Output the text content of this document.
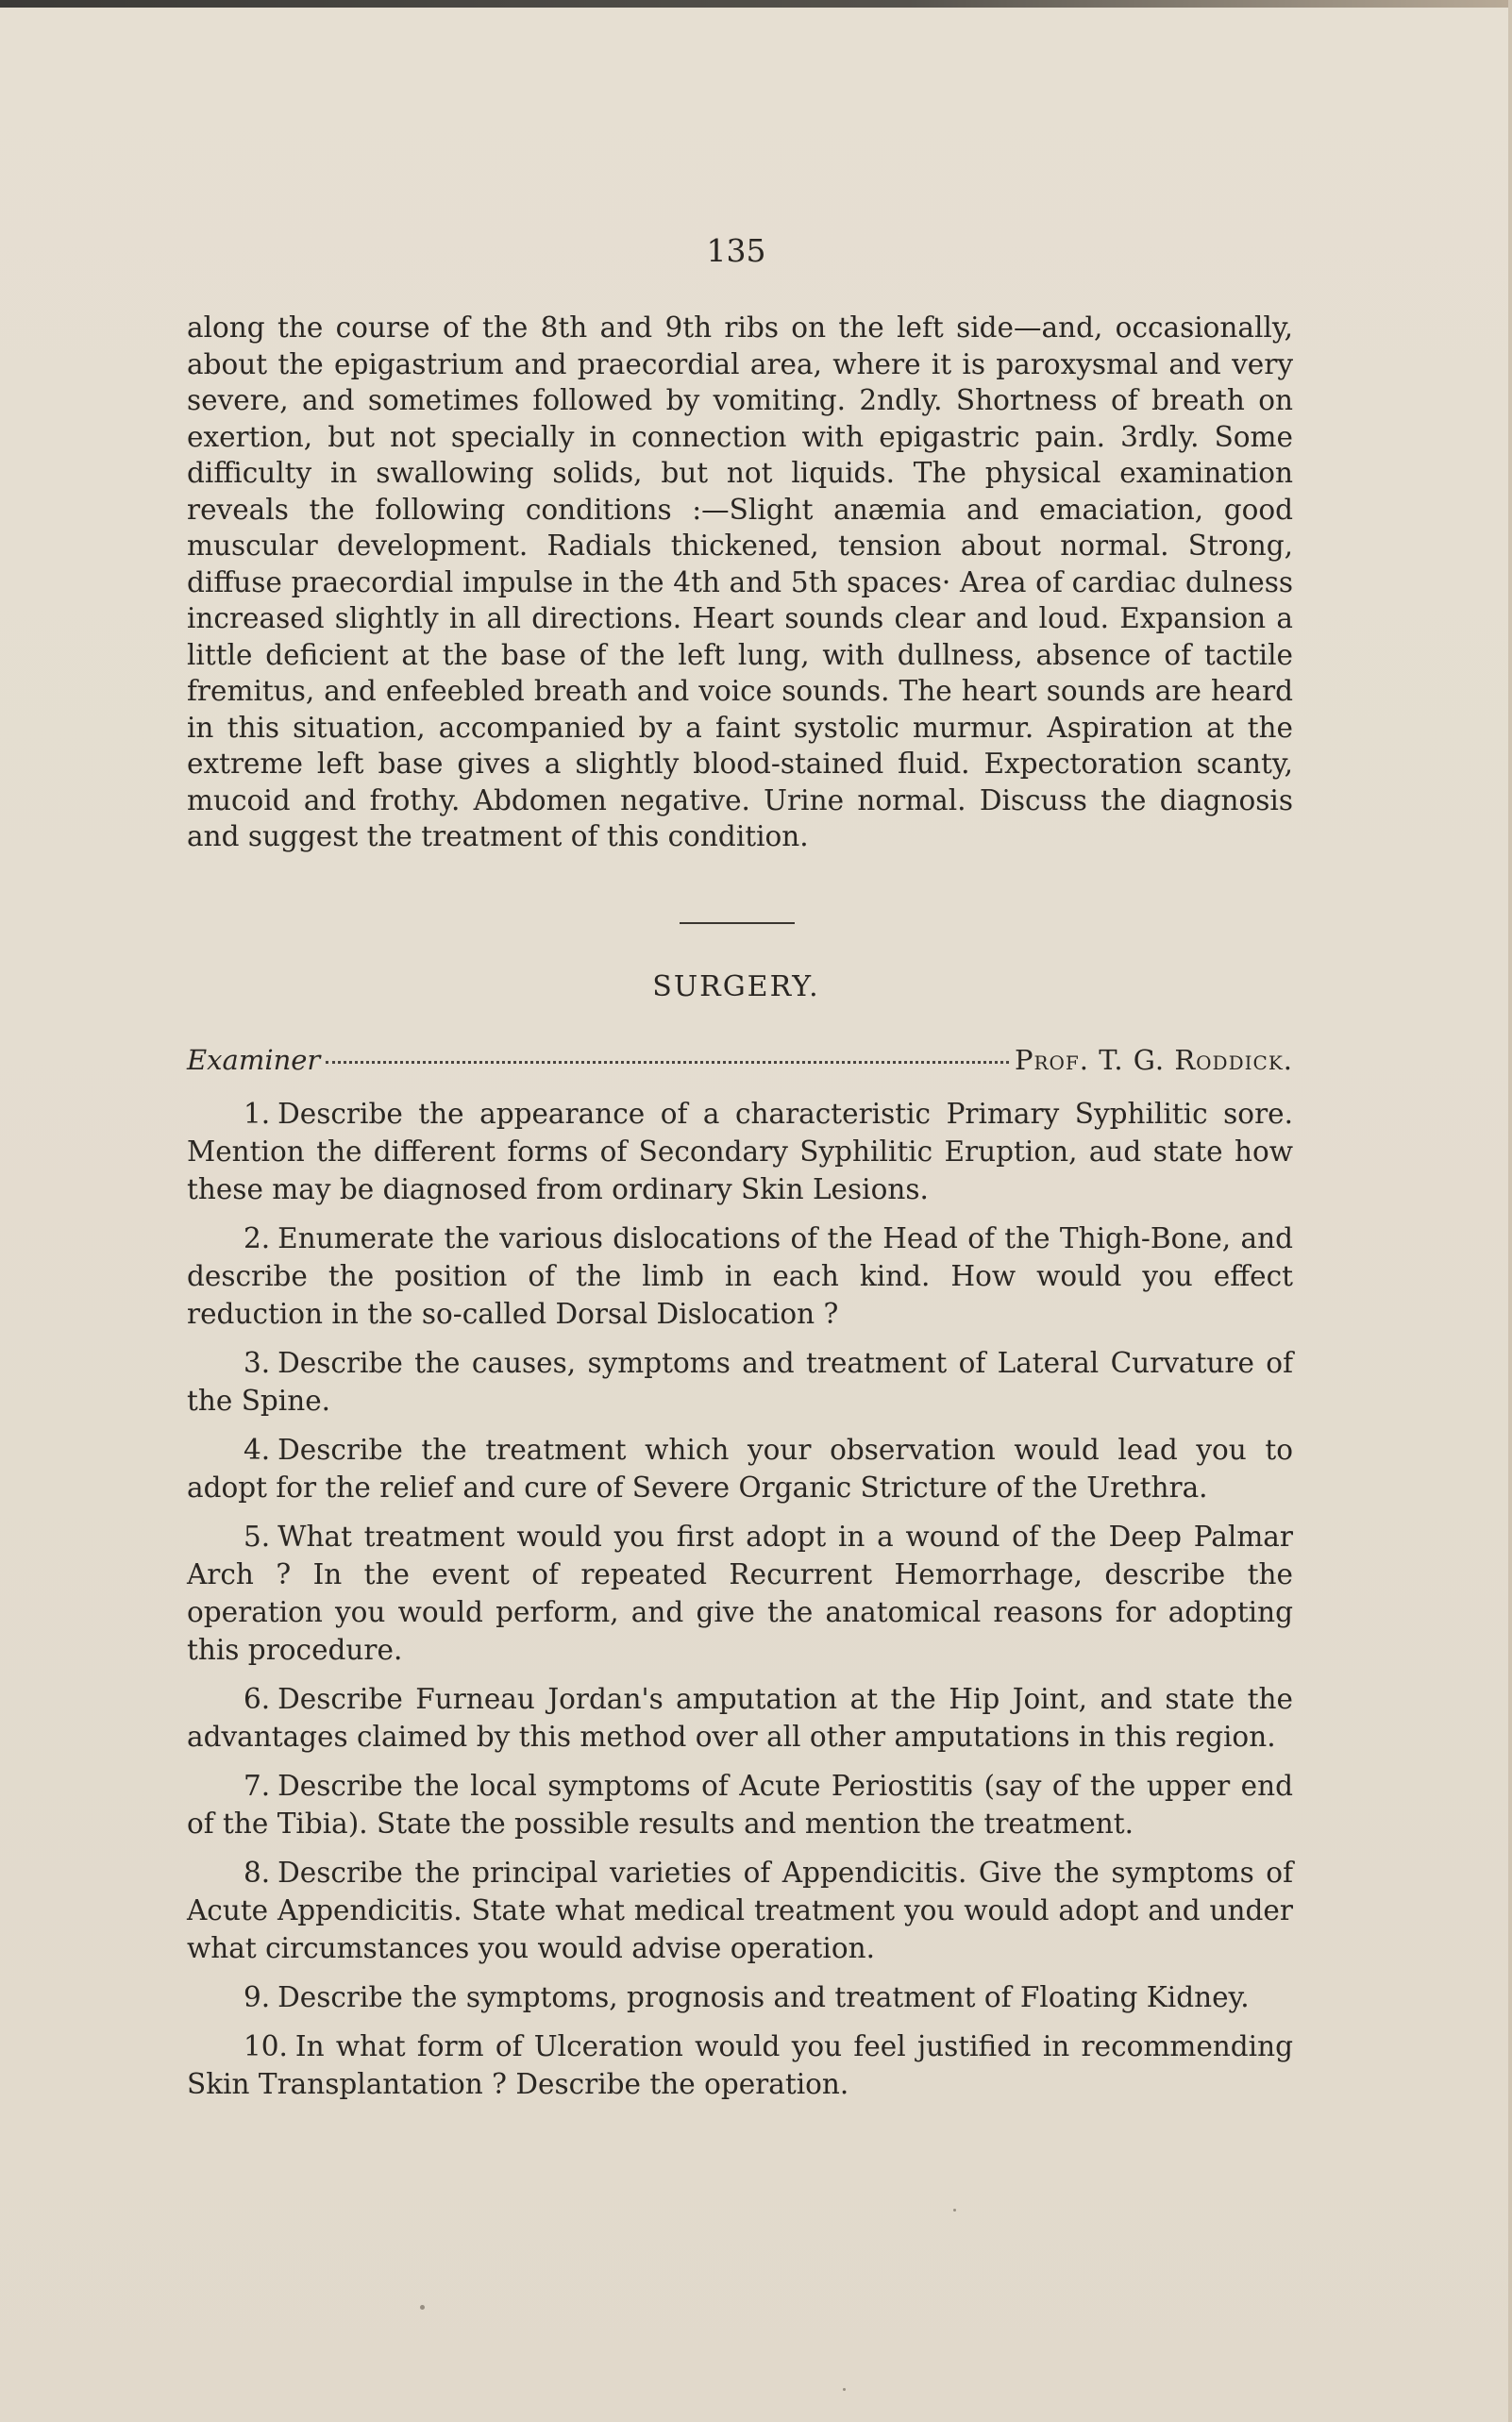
135

along the course of the 8th and 9th ribs on the left side—and, occasionally, about the epigastrium and praecordial area, where it is paroxysmal and very severe, and sometimes followed by vomiting. 2ndly. Shortness of breath on exertion, but not specially in connection with epigastric pain. 3rdly. Some difficulty in swallowing solids, but not liquids. The physical examination reveals the following conditions :—Slight anæmia and emaciation, good muscular development. Radials thickened, tension about normal. Strong, diffuse praecordial impulse in the 4th and 5th spaces· Area of cardiac dulness increased slightly in all directions. Heart sounds clear and loud. Expansion a little deficient at the base of the left lung, with dullness, absence of tactile fremitus, and enfeebled breath and voice sounds. The heart sounds are heard in this situation, accompanied by a faint systolic murmur. Aspiration at the extreme left base gives a slightly blood-stained fluid. Expectoration scanty, mucoid and frothy. Abdomen negative. Urine normal. Discuss the diagnosis and suggest the treatment of this condition.

SURGERY.
Examiner	Prof. T. G. Roddick.

1. Describe the appearance of a characteristic Primary Syphilitic sore. Mention the different forms of Secondary Syphilitic Eruption, aud state how these may be diagnosed from ordinary Skin Lesions.

2. Enumerate the various dislocations of the Head of the Thigh-Bone, and describe the position of the limb in each kind. How would you effect reduction in the so-called Dorsal Dislocation ?

3. Describe the causes, symptoms and treatment of Lateral Curvature of the Spine.

4. Describe the treatment which your observation would lead you to adopt for the relief and cure of Severe Organic Stricture of the Urethra.

5. What treatment would you first adopt in a wound of the Deep Palmar Arch ? In the event of repeated Recurrent Hemorrhage, describe the operation you would perform, and give the anatomical reasons for adopting this procedure.

6. Describe Furneau Jordan's amputation at the Hip Joint, and state the advantages claimed by this method over all other amputations in this region.

7. Describe the local symptoms of Acute Periostitis (say of the upper end of the Tibia). State the possible results and mention the treatment.

8. Describe the principal varieties of Appendicitis. Give the symptoms of Acute Appendicitis. State what medical treatment you would adopt and under what circumstances you would advise operation.

9. Describe the symptoms, prognosis and treatment of Floating Kidney.

10. In what form of Ulceration would you feel justified in recommending Skin Transplantation ? Describe the operation.
